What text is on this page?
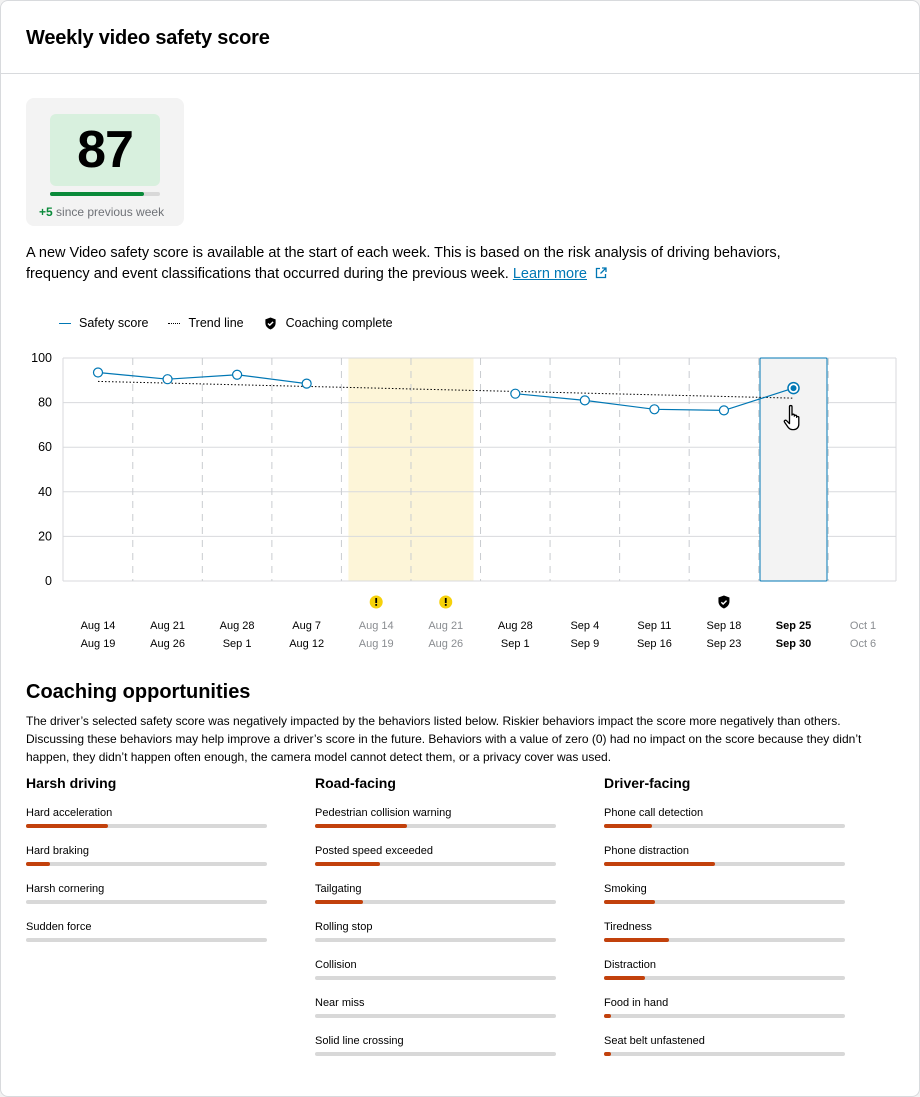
Weekly video safety score
87
+5 since previous week

A new Video safety score is available at the start of each week. This is based on the risk analysis of driving behaviors, frequency and event classifications that occurred during the previous week. Learn more

Safety score	Trend line	Coaching complete
100
80
60
40
20
0
Aug 14
Aug 19
Aug 21
Aug 26
Aug 28
Sep 1
Aug 7
Aug 12
Aug 14
Aug 19
Aug 21
Aug 26
Aug 28
Sep 1
Sep 4
Sep 9
Sep 11
Sep 16
Sep 18
Sep 23
Sep 25
Sep 30
Oct 1
Oct 6
Coaching opportunities

The driver’s selected safety score was negatively impacted by the behaviors listed below. Riskier behaviors impact the score more negatively than others. Discussing these behaviors may help improve a driver’s score in the future. Behaviors with a value of zero (0) had no impact on the score because they didn’t happen, they didn’t happen often enough, the camera model cannot detect them, or a privacy cover was used.

Harsh driving
Hard acceleration
Hard braking
Harsh cornering
Sudden force
Road-facing
Pedestrian collision warning
Posted speed exceeded
Tailgating
Rolling stop
Collision
Near miss
Solid line crossing
Driver-facing
Phone call detection
Phone distraction
Smoking
Tiredness
Distraction
Food in hand
Seat belt unfastened
